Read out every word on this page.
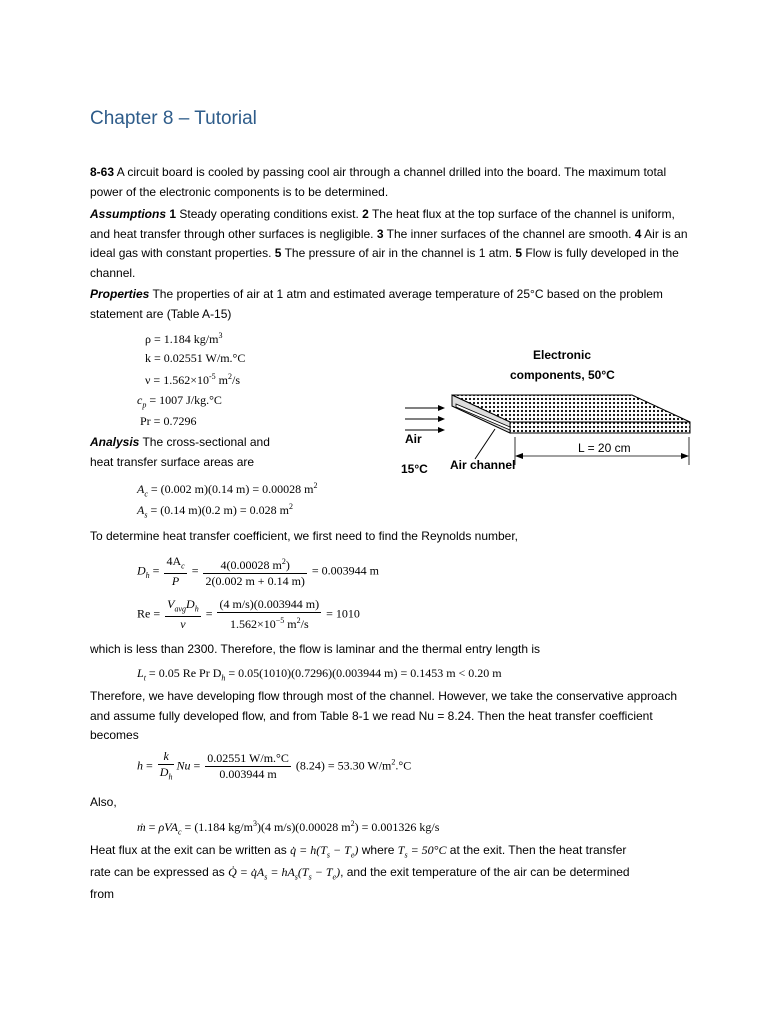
Chapter 8 – Tutorial
8-63 A circuit board is cooled by passing cool air through a channel drilled into the board. The maximum total power of the electronic components is to be determined.
Assumptions 1 Steady operating conditions exist. 2 The heat flux at the top surface of the channel is uniform, and heat transfer through other surfaces is negligible. 3 The inner surfaces of the channel are smooth. 4 Air is an ideal gas with constant properties. 5 The pressure of air in the channel is 1 atm. 5 Flow is fully developed in the channel.
Properties The properties of air at 1 atm and estimated average temperature of 25°C based on the problem statement are (Table A-15)
ρ = 1.184 $kg/m^3$
k = 0.02551 W/m.°C
$\nu = 1.562\times 10^{-5}$ $m^2/s$
$c_p = 1007$ J/kg.°C
Pr = 0.7296
Electronic
components, 50°C
Air
15°C Air channel
L = 20 cm
Analysis The cross-sectional and
heat transfer surface areas are
$A_c = (0.002$ m)(0.14 m) = 0.00028 $m^2$
$A_s = (0.14$ m)(0.2 m) = 0.028 $m^2$
To determine heat transfer coefficient, we first need to find the Reynolds number,
$D_h = \frac{4A_c}{P} = \frac{4(0.00028 m^2)}{2(0.002 m + 0.14 m)} = 0.003944$ m
$Re = \frac{V_{avg}D_h}{\nu} = \frac{(4 m/s)(0.003944 m)}{1.562\times 10^{-5} m^2/s} = 1010$
which is less than 2300. Therefore, the flow is laminar and the thermal entry length is
$L_t = 0.05$ Re Pr $D_h = 0.05(1010)(0.7296)(0.003944$ m) = 0.1453 m < 0.20 m
Therefore, we have developing flow through most of the channel. However, we take the conservative approach and assume fully developed flow, and from Table 8-1 we read Nu = 8.24. Then the heat transfer coefficient becomes
$h = \frac{k}{D_h}$ $Nu = \frac{0.02551 W/m.^\circ C}{0.003944 m} (8.24) = 53.30$ $W/m^2.^\circ C$
Also,
ṁ = ρVA$_c$ = (1.184 $kg/m^3)(4$ m/s)(0.00028 $m^2) = 0.001326$ kg/s
Heat flux at the exit can be written as q̇ = $h(T_s - T_e)$ where $T_s = 50^\circ C$ at the exit. Then the heat transfer
rate can be expressed as Q̇ = $q̇A_s = hA_s(T_s - T_e)$, and the exit temperature of the air can be determined
from
